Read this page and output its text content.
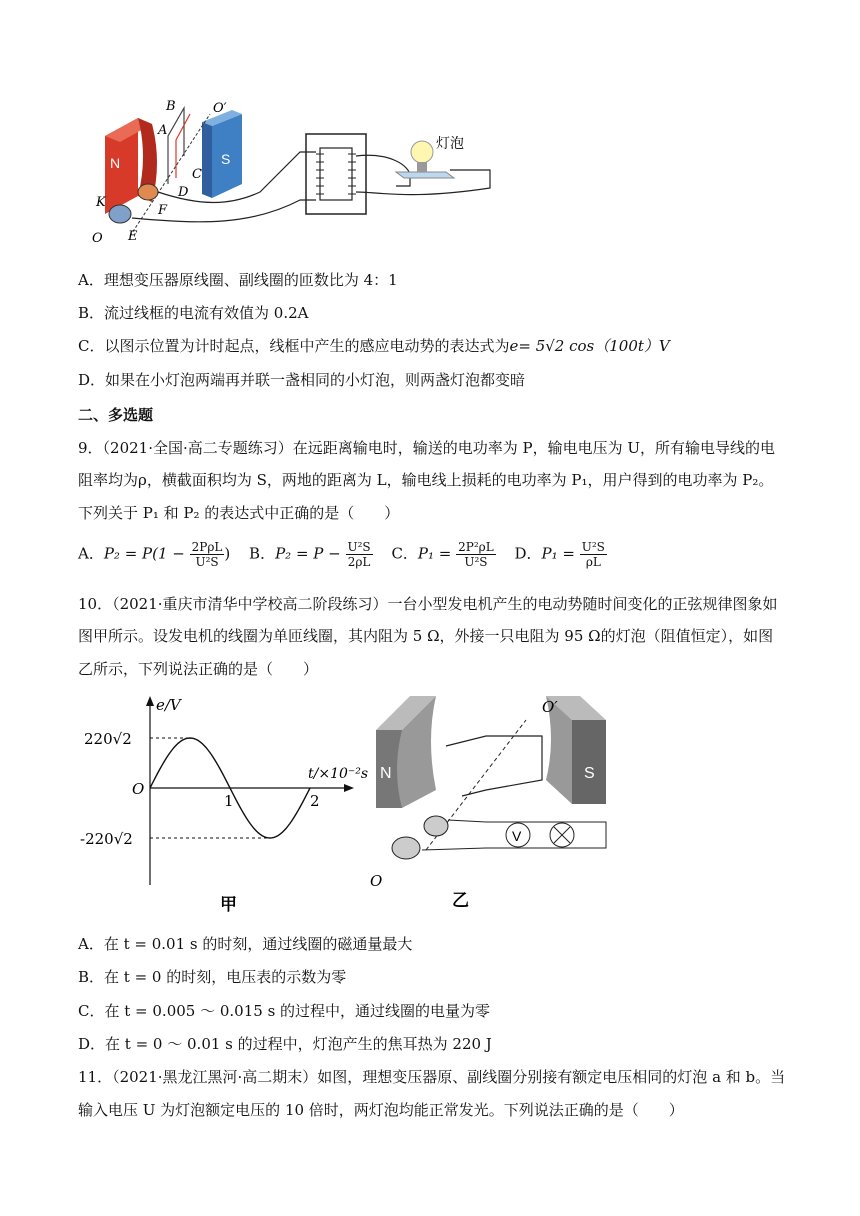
N	S
B	O′
A
C
D
K
F
O E
灯泡
A．理想变压器原线圈、副线圈的匝数比为 4：1
B．流过线框的电流有效值为 0.2A
C．以图示位置为计时起点，线框中产生的感应电动势的表达式为e= 5√2 cos（100t）V
D．如果在小灯泡两端再并联一盏相同的小灯泡，则两盏灯泡都变暗
二、多选题
9．（2021·全国·高二专题练习）在远距离输电时，输送的电功率为 P，输电电压为 U，所有输电导线的电
阻率均为ρ，横截面积均为 S，两地的距离为 L，输电线上损耗的电功率为 P₁，用户得到的电功率为 P₂。
下列关于 P₁ 和 P₂ 的表达式中正确的是（　　）
A．$P_2 = P(1 - \frac{\text{2PρL}}{\text{U²S}}$ ) B．$P_2 = P - \frac{\text{U²S}}{2\rho L}$ C．$P_1 = \frac{\text{2P²ρL}}{\text{U²S}}$ D．$P_1 = \frac{\text{U²S}}{\rho L}$
10．（2021·重庆市清华中学校高二阶段练习）一台小型发电机产生的电动势随时间变化的正弦规律图象如
图甲所示。设发电机的线圈为单匝线圈，其内阻为 5 Ω，外接一只电阻为 95 Ω的灯泡（阻值恒定），如图
乙所示，下列说法正确的是（　　）
e/V
220√2
O
-220√2
1	2
t/×10⁻²s
甲
N	S
O′
O
V
乙
A．在 t = 0.01 s 的时刻，通过线圈的磁通量最大
B．在 t = 0 的时刻，电压表的示数为零
C．在 t = 0.005 ～ 0.015 s 的过程中，通过线圈的电量为零
D．在 t = 0 ～ 0.01 s 的过程中，灯泡产生的焦耳热为 220 J
11．（2021·黑龙江黑河·高二期末）如图，理想变压器原、副线圈分别接有额定电压相同的灯泡 a 和 b。当
输入电压 U 为灯泡额定电压的 10 倍时，两灯泡均能正常发光。下列说法正确的是（　　）
